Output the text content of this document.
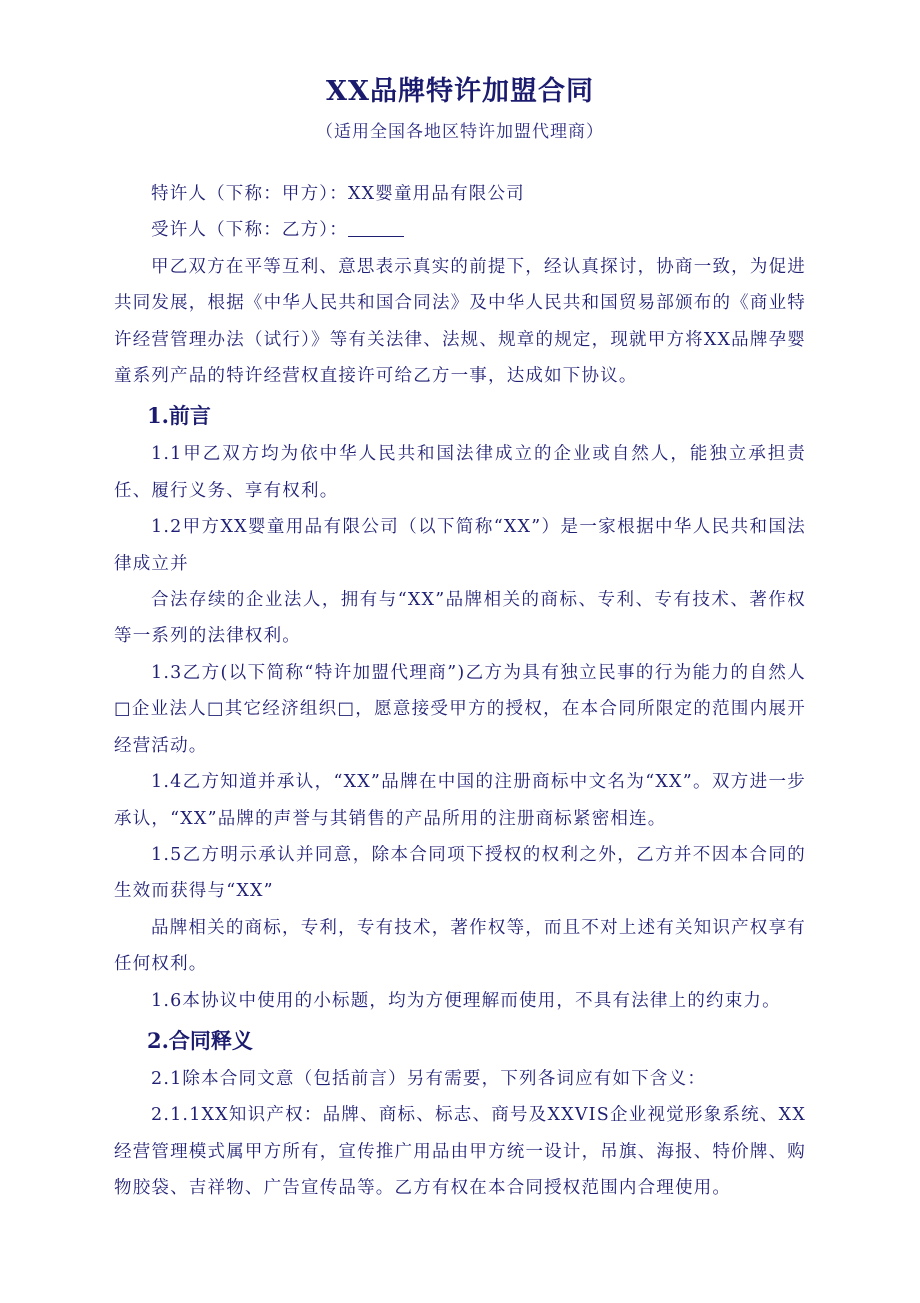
XX品牌特许加盟合同
（适用全国各地区特许加盟代理商）

特许人（下称：甲方）：XX婴童用品有限公司

受许人（下称：乙方）：

甲乙双方在平等互利、意思表示真实的前提下，经认真探讨，协商一致，为促进共同发展，根据《中华人民共和国合同法》及中华人民共和国贸易部颁布的《商业特许经营管理办法（试行）》等有关法律、法规、规章的规定，现就甲方将XX品牌孕婴童系列产品的特许经营权直接许可给乙方一事，达成如下协议。

1.前言

1.1甲乙双方均为依中华人民共和国法律成立的企业或自然人，能独立承担责任、履行义务、享有权利。

1.2甲方XX婴童用品有限公司（以下简称“XX”）是一家根据中华人民共和国法律成立并

合法存续的企业法人，拥有与“XX”品牌相关的商标、专利、专有技术、著作权等一系列的法律权利。

1.3乙方(以下简称“特许加盟代理商”)乙方为具有独立民事的行为能力的自然人□企业法人□其它经济组织□，愿意接受甲方的授权，在本合同所限定的范围内展开经营活动。

1.4乙方知道并承认，“XX”品牌在中国的注册商标中文名为“XX”。双方进一步承认，“XX”品牌的声誉与其销售的产品所用的注册商标紧密相连。

1.5乙方明示承认并同意，除本合同项下授权的权利之外，乙方并不因本合同的生效而获得与“XX”

品牌相关的商标，专利，专有技术，著作权等，而且不对上述有关知识产权享有任何权利。

1.6本协议中使用的小标题，均为方便理解而使用，不具有法律上的约束力。

2.合同释义

2.1除本合同文意（包括前言）另有需要，下列各词应有如下含义：

2.1.1XX知识产权：品牌、商标、标志、商号及XXVIS企业视觉形象系统、XX经营管理模式属甲方所有，宣传推广用品由甲方统一设计，吊旗、海报、特价牌、购物胶袋、吉祥物、广告宣传品等。乙方有权在本合同授权范围内合理使用。
